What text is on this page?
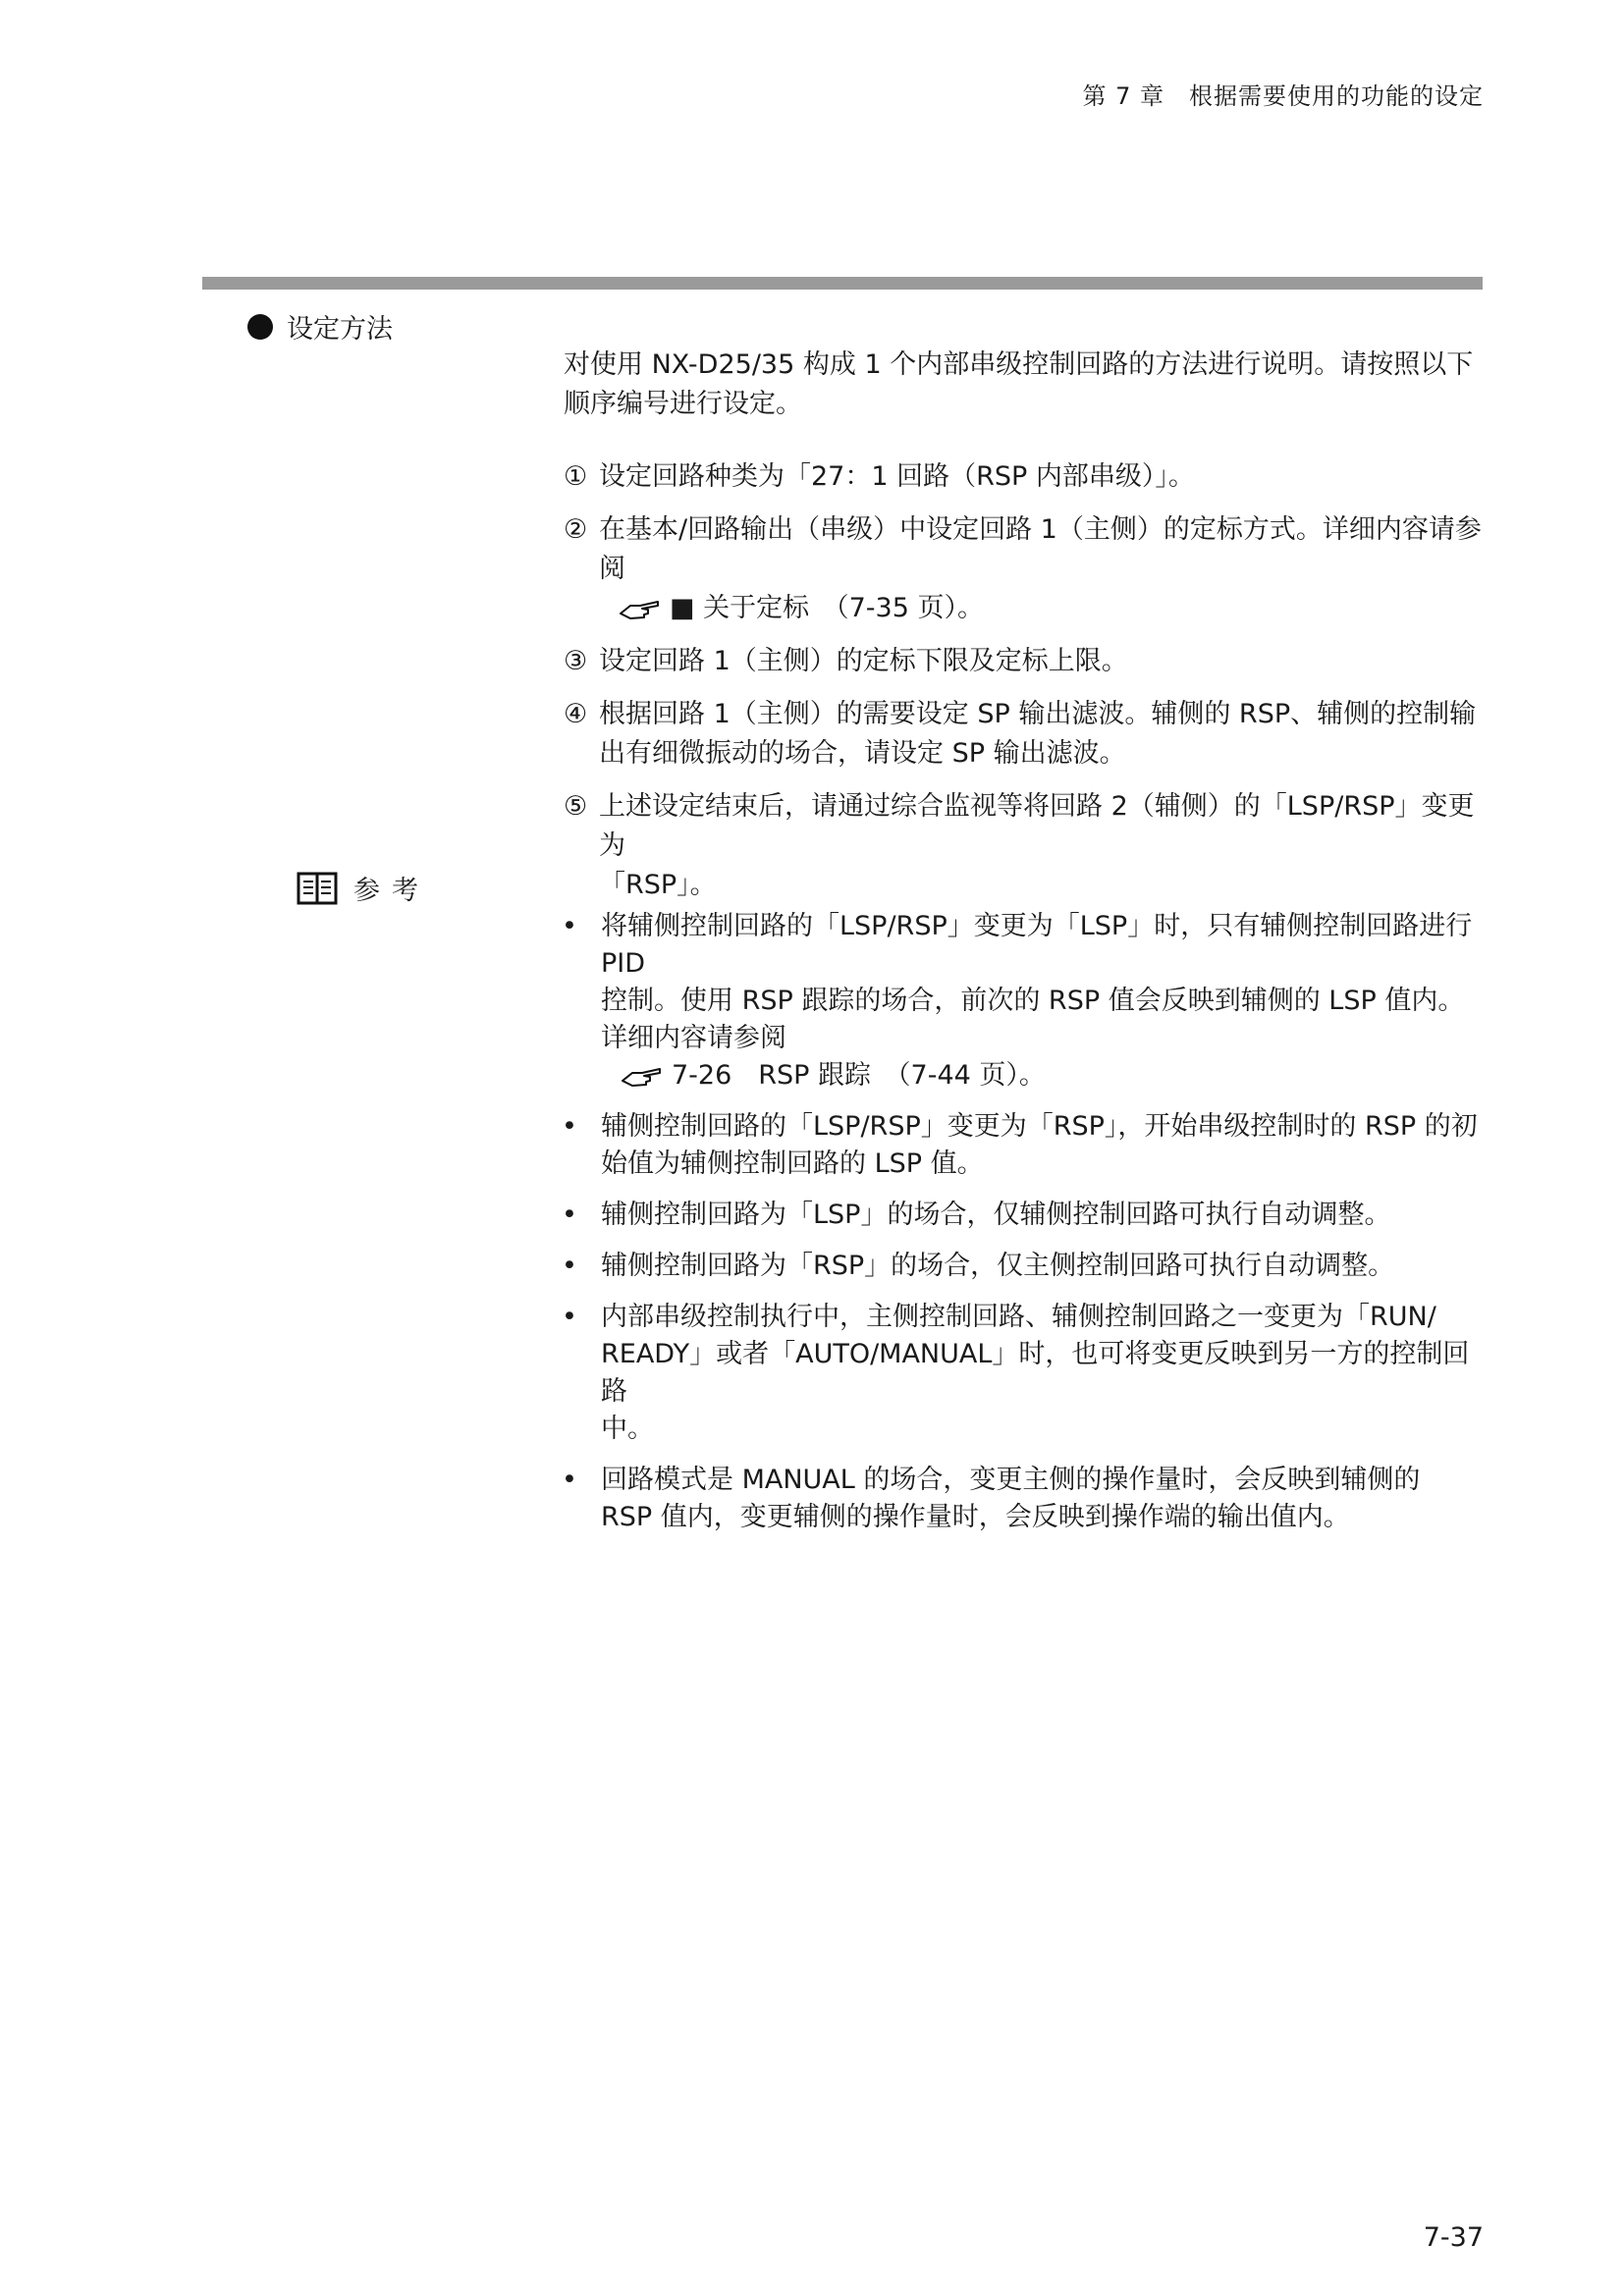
第 7 章　根据需要使用的功能的设定
设定方法
对使用 NX-D25/35 构成 1 个内部串级控制回路的方法进行说明。请按照以下
顺序编号进行设定。
① 设定回路种类为「27：1 回路（RSP 内部串级）」。
② 在基本/回路输出（串级）中设定回路 1（主侧）的定标方式。详细内容请参阅
■ 关于定标　（7-35 页）。
③ 设定回路 1（主侧）的定标下限及定标上限。
④ 根据回路 1（主侧）的需要设定 SP 输出滤波。辅侧的 RSP、辅侧的控制输
出有细微振动的场合，请设定 SP 输出滤波。
⑤ 上述设定结束后，请通过综合监视等将回路 2（辅侧）的「LSP/RSP」变更为
「RSP」。
参考
• 将辅侧控制回路的「LSP/RSP」变更为「LSP」时，只有辅侧控制回路进行 PID
控制。使用 RSP 跟踪的场合，前次的 RSP 值会反映到辅侧的 LSP 值内。
详细内容请参阅
7-26　RSP 跟踪　（7-44 页）。
• 辅侧控制回路的「LSP/RSP」变更为「RSP」，开始串级控制时的 RSP 的初
始值为辅侧控制回路的 LSP 值。
• 辅侧控制回路为「LSP」的场合，仅辅侧控制回路可执行自动调整。
• 辅侧控制回路为「RSP」的场合，仅主侧控制回路可执行自动调整。
• 内部串级控制执行中，主侧控制回路、辅侧控制回路之一变更为「RUN/
READY」或者「AUTO/MANUAL」时，也可将变更反映到另一方的控制回路
中。
• 回路模式是 MANUAL 的场合，变更主侧的操作量时，会反映到辅侧的
RSP 值内，变更辅侧的操作量时，会反映到操作端的输出值内。
7-37
